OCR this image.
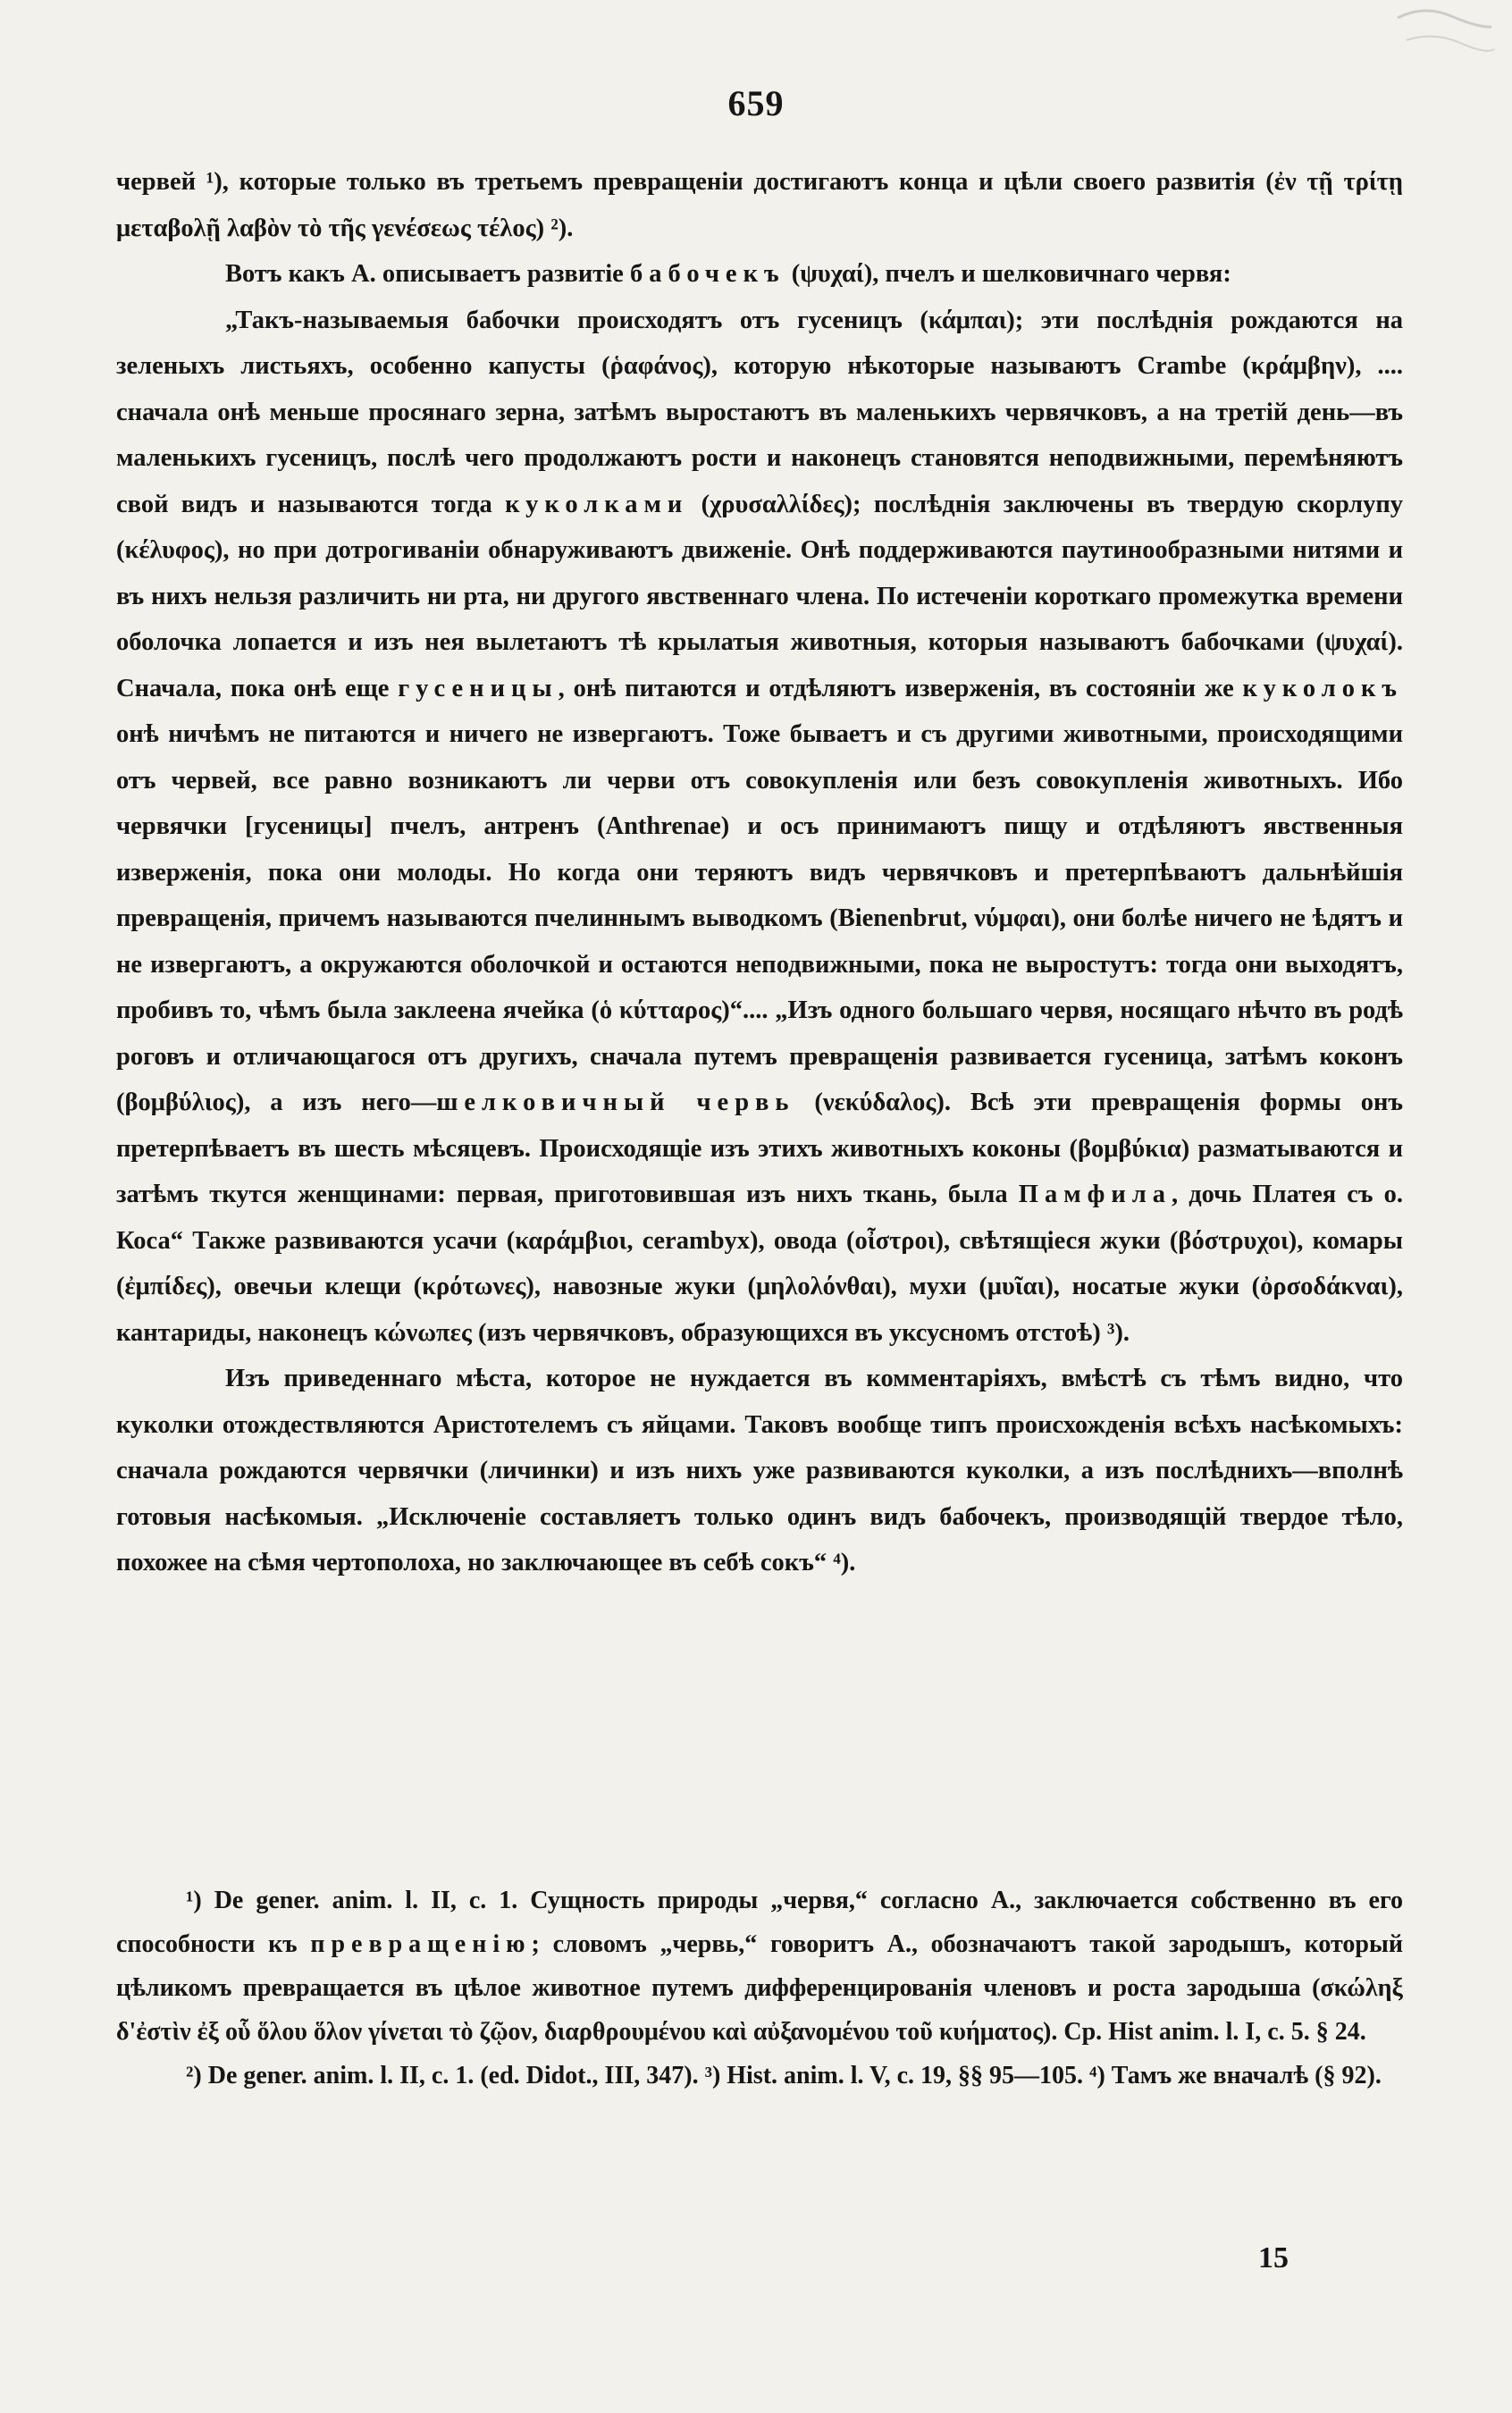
659

червей ¹), которые только въ третьемъ превращеніи достигаютъ конца и цѣли своего развитія (ἐν τῇ τρίτῃ μεταβολῇ λαβὸν τὸ τῆς γενέσεως τέλος) ²).

Вотъ какъ А. описываетъ развитіе бабочекъ (ψυχαί), пчелъ и шелковичнаго червя:

„Такъ-называемыя бабочки происходятъ отъ гусеницъ (κάμπαι); эти послѣднія рождаются на зеленыхъ листьяхъ, особенно капусты (ῥαφάνος), которую нѣкоторые называютъ Crambe (κράμβην), .... сначала онѣ меньше просянаго зерна, затѣмъ выростаютъ въ маленькихъ червячковъ, а на третій день—въ маленькихъ гусеницъ, послѣ чего продолжаютъ рости и наконецъ становятся неподвижными, перемѣняютъ свой видъ и называются тогда куколками (χρυσαλλίδες); послѣднія заключены въ твердую скорлупу (κέλυφος), но при дотрогиваніи обнаруживаютъ движеніе. Онѣ поддерживаются паутинообразными нитями и въ нихъ нельзя различить ни рта, ни другого явственнаго члена. По истеченіи короткаго промежутка времени оболочка лопается и изъ нея вылетаютъ тѣ крылатыя животныя, которыя называютъ бабочками (ψυχαί). Сначала, пока онѣ еще гусеницы, онѣ питаются и отдѣляютъ изверженія, въ состояніи же куколокъ онѣ ничѣмъ не питаются и ничего не извергаютъ. Тоже бываетъ и съ другими животными, происходящими отъ червей, все равно возникаютъ ли черви отъ совокупленія или безъ совокупленія животныхъ. Ибо червячки [гусеницы] пчелъ, антренъ (Anthrenae) и осъ принимаютъ пищу и отдѣляютъ явственныя изверженія, пока они молоды. Но когда они теряютъ видъ червячковъ и претерпѣваютъ дальнѣйшія превращенія, причемъ называются пчелиннымъ выводкомъ (Bienenbrut, νύμφαι), они болѣе ничего не ѣдятъ и не извергаютъ, а окружаются оболочкой и остаются неподвижными, пока не выростутъ: тогда они выходятъ, пробивъ то, чѣмъ была заклеена ячейка (ὁ κύτταρος)“.... „Изъ одного большаго червя, носящаго нѣчто въ родѣ роговъ и отличающагося отъ другихъ, сначала путемъ превращенія развивается гусеница, затѣмъ коконъ (βομβύλιος), а изъ него—шелковичный червь (νεκύδαλος). Всѣ эти превращенія формы онъ претерпѣваетъ въ шесть мѣсяцевъ. Происходящіе изъ этихъ животныхъ коконы (βομβύκια) разматываются и затѣмъ ткутся женщинами: первая, приготовившая изъ нихъ ткань, была Памфила, дочь Платея съ о. Коса“ Также развиваются усачи (καράμβιοι, cerambyx), овода (οἶστροι), свѣтящіеся жуки (βόστρυχοι), комары (ἐμπίδες), овечьи клещи (κρότωνες), навозные жуки (μηλολόνθαι), мухи (μυῖαι), носатые жуки (ὀρσοδάκναι), кантариды, наконецъ κώνωπες (изъ червячковъ, образующихся въ уксусномъ отстоѣ) ³).

Изъ приведеннаго мѣста, которое не нуждается въ комментаріяхъ, вмѣстѣ съ тѣмъ видно, что куколки отождествляются Аристотелемъ съ яйцами. Таковъ вообще типъ происхожденія всѣхъ насѣкомыхъ: сначала рождаются червячки (личинки) и изъ нихъ уже развиваются куколки, а изъ послѣднихъ—вполнѣ готовыя насѣкомыя. „Исключеніе составляетъ только одинъ видъ бабочекъ, производящій твердое тѣло, похожее на сѣмя чертополоха, но заключающее въ себѣ сокъ“ ⁴).

¹) De gener. anim. l. II, c. 1. Сущность природы „червя,“ согласно А., заключается собственно въ его способности къ превращенію; словомъ „червь,“ говоритъ А., обозначаютъ такой зародышъ, который цѣликомъ превращается въ цѣлое животное путемъ дифференцированія членовъ и роста зародыша (σκώληξ δ'ἐστὶν ἐξ οὗ ὅλου ὅλον γίνεται τὸ ζῷον, διαρθρουμένου καὶ αὐξανομένου τοῦ κυήματος). Ср. Hist anim. l. I, c. 5. § 24.

²) De gener. anim. l. II, c. 1. (ed. Didot., III, 347). ³) Hist. anim. l. V, c. 19, §§ 95—105. ⁴) Тамъ же вначалѣ (§ 92).

15
